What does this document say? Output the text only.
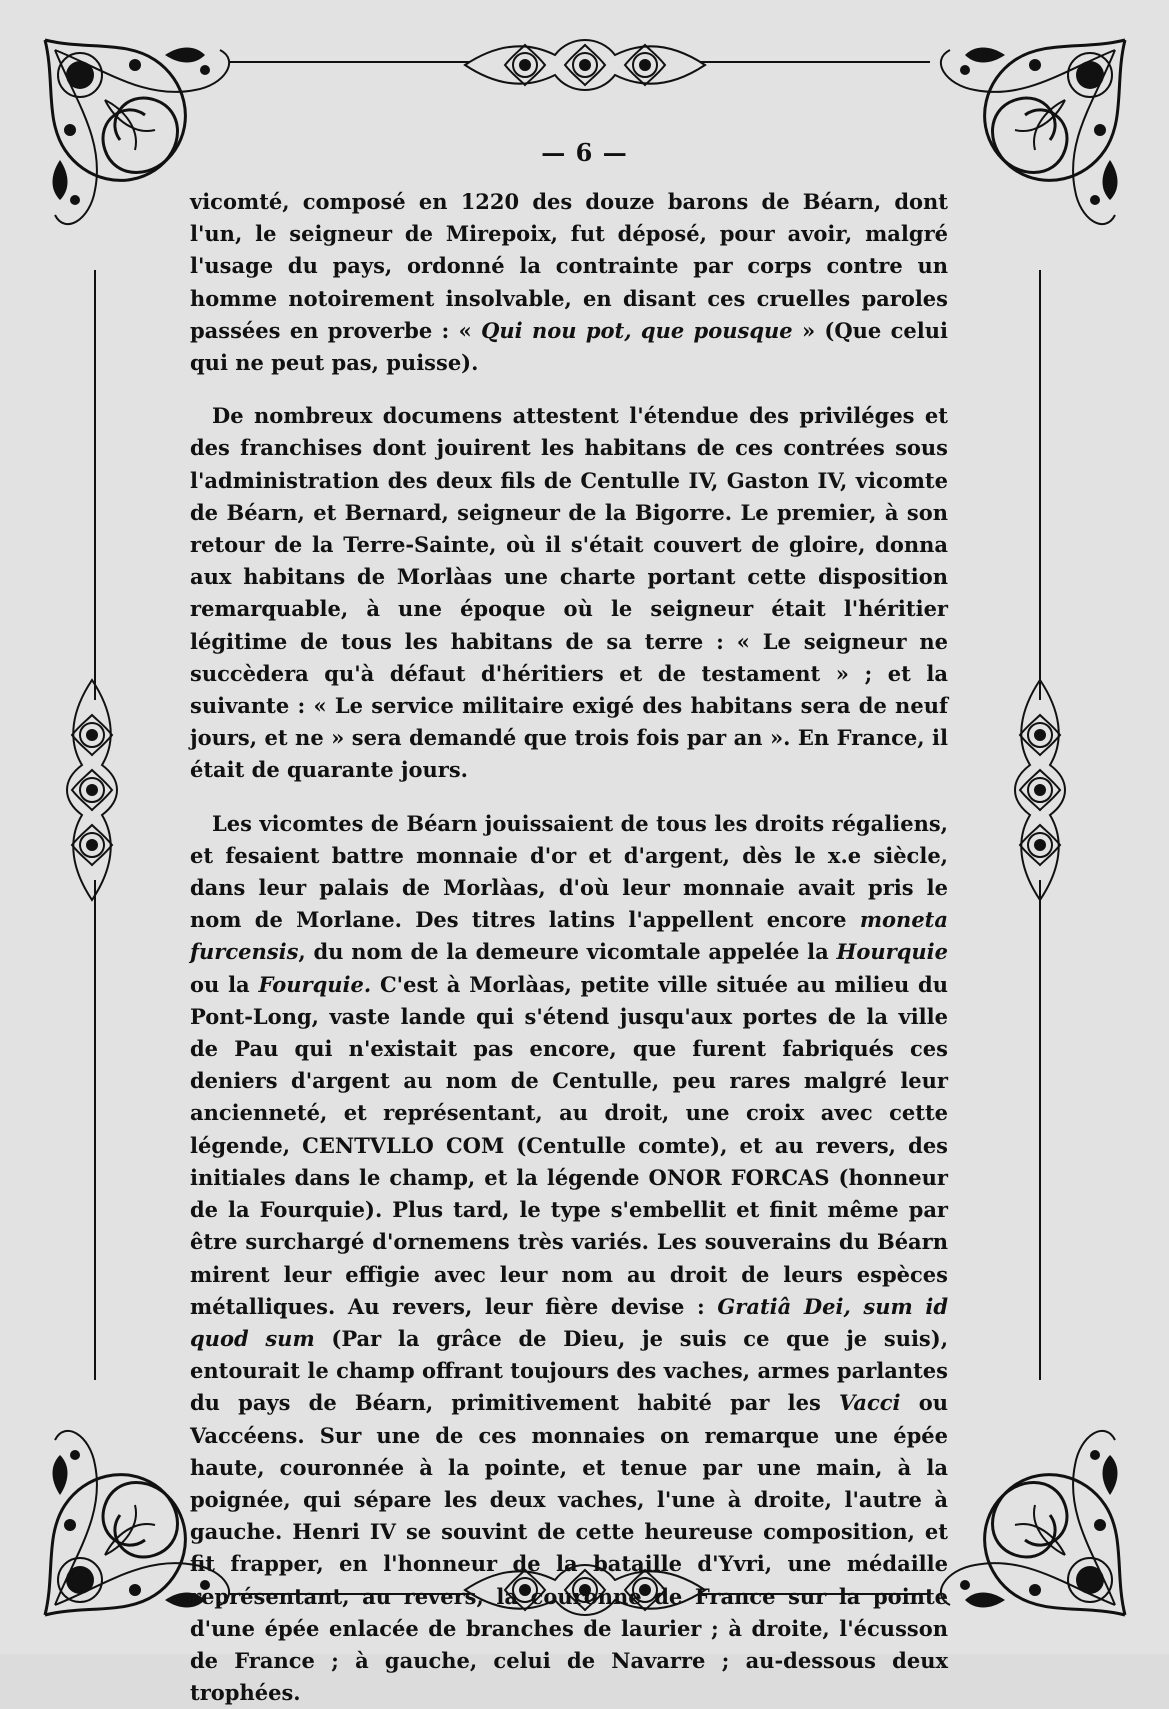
— 6 —

vicomté, composé en 1220 des douze barons de Béarn, dont l'un, le seigneur de Mirepoix, fut déposé, pour avoir, malgré l'usage du pays, ordonné la contrainte par corps contre un homme notoirement insolvable, en disant ces cruelles paroles passées en proverbe : « Qui nou pot, que pousque » (Que celui qui ne peut pas, puisse).

De nombreux documens attestent l'étendue des priviléges et des franchises dont jouirent les habitans de ces contrées sous l'administration des deux fils de Centulle IV, Gaston IV, vicomte de Béarn, et Bernard, seigneur de la Bigorre. Le premier, à son retour de la Terre-Sainte, où il s'était couvert de gloire, donna aux habitans de Morlàas une charte portant cette disposition remarquable, à une époque où le seigneur était l'héritier légitime de tous les habitans de sa terre : « Le seigneur ne succèdera qu'à défaut d'héritiers et de testament » ; et la suivante : « Le service militaire exigé des habitans sera de neuf jours, et ne » sera demandé que trois fois par an ». En France, il était de quarante jours.

Les vicomtes de Béarn jouissaient de tous les droits régaliens, et fesaient battre monnaie d'or et d'argent, dès le x.e siècle, dans leur palais de Morlàas, d'où leur monnaie avait pris le nom de Morlane. Des titres latins l'appellent encore moneta furcensis, du nom de la demeure vicomtale appelée la Hourquie ou la Fourquie. C'est à Morlàas, petite ville située au milieu du Pont-Long, vaste lande qui s'étend jusqu'aux portes de la ville de Pau qui n'existait pas encore, que furent fabriqués ces deniers d'argent au nom de Centulle, peu rares malgré leur ancienneté, et représentant, au droit, une croix avec cette légende, CENTVLLO COM (Centulle comte), et au revers, des initiales dans le champ, et la légende ONOR FORCAS (honneur de la Fourquie). Plus tard, le type s'embellit et finit même par être surchargé d'ornemens très variés. Les souverains du Béarn mirent leur effigie avec leur nom au droit de leurs espèces métalliques. Au revers, leur fière devise : Gratiâ Dei, sum id quod sum (Par la grâce de Dieu, je suis ce que je suis), entourait le champ offrant toujours des vaches, armes parlantes du pays de Béarn, primitivement habité par les Vacci ou Vaccéens. Sur une de ces monnaies on remarque une épée haute, couronnée à la pointe, et tenue par une main, à la poignée, qui sépare les deux vaches, l'une à droite, l'autre à gauche. Henri IV se souvint de cette heureuse composition, et fit frapper, en l'honneur de la bataille d'Yvri, une médaille représentant, au revers, la couronne de France sur la pointe d'une épée enlacée de branches de laurier ; à droite, l'écusson de France ; à gauche, celui de Navarre ; au-dessous deux trophées.
